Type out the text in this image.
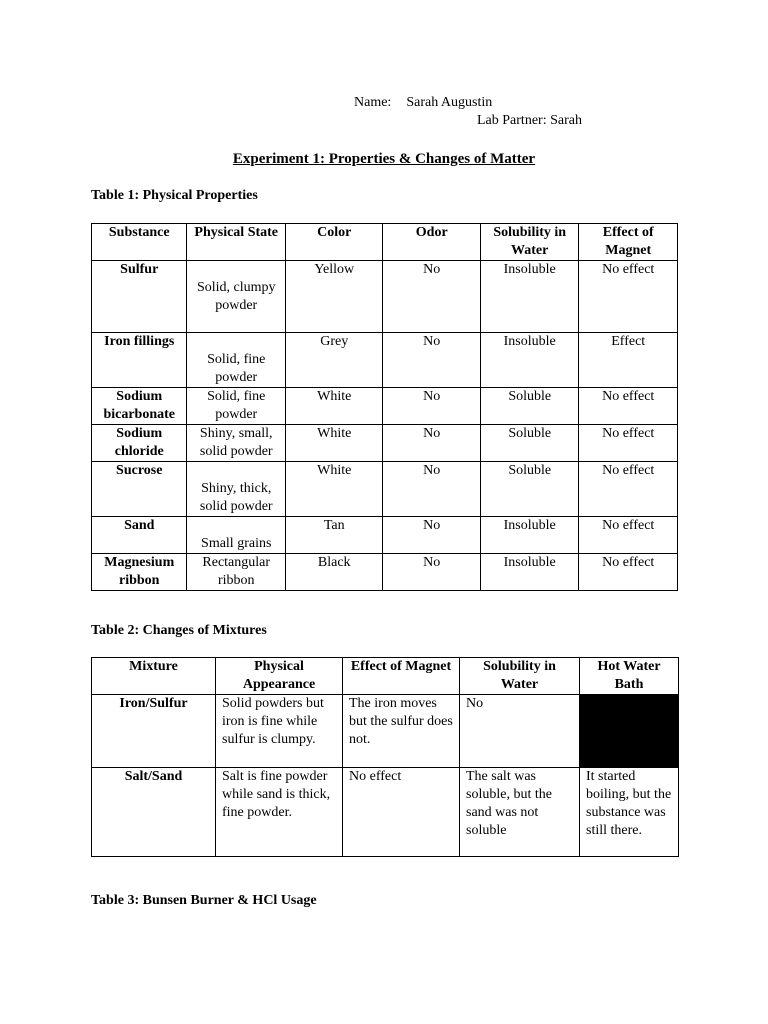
Name: Sarah Augustin
Lab Partner: Sarah
Experiment 1: Properties & Changes of Matter
Table 1: Physical Properties
Substance	Physical State	Color	Odor	Solubility in Water	Effect of Magnet
Sulfur	Solid, clumpy powder	Yellow	No	Insoluble	No effect
Iron fillings	Solid, fine powder	Grey	No	Insoluble	Effect
Sodium bicarbonate	Solid, fine powder	White	No	Soluble	No effect
Sodium chloride	Shiny, small, solid powder	White	No	Soluble	No effect
Sucrose	Shiny, thick, solid powder	White	No	Soluble	No effect
Sand	Small grains	Tan	No	Insoluble	No effect
Magnesium ribbon	Rectangular ribbon	Black	No	Insoluble	No effect
Table 2: Changes of Mixtures
Mixture	Physical Appearance	Effect of Magnet	Solubility in Water	Hot Water Bath
Iron/Sulfur	Solid powders but iron is fine while sulfur is clumpy.	The iron moves but the sulfur does not.	No	
Salt/Sand	Salt is fine powder while sand is thick, fine powder.	No effect	The salt was soluble, but the sand was not soluble	It started boiling, but the substance was still there.
Table 3: Bunsen Burner & HCl Usage
